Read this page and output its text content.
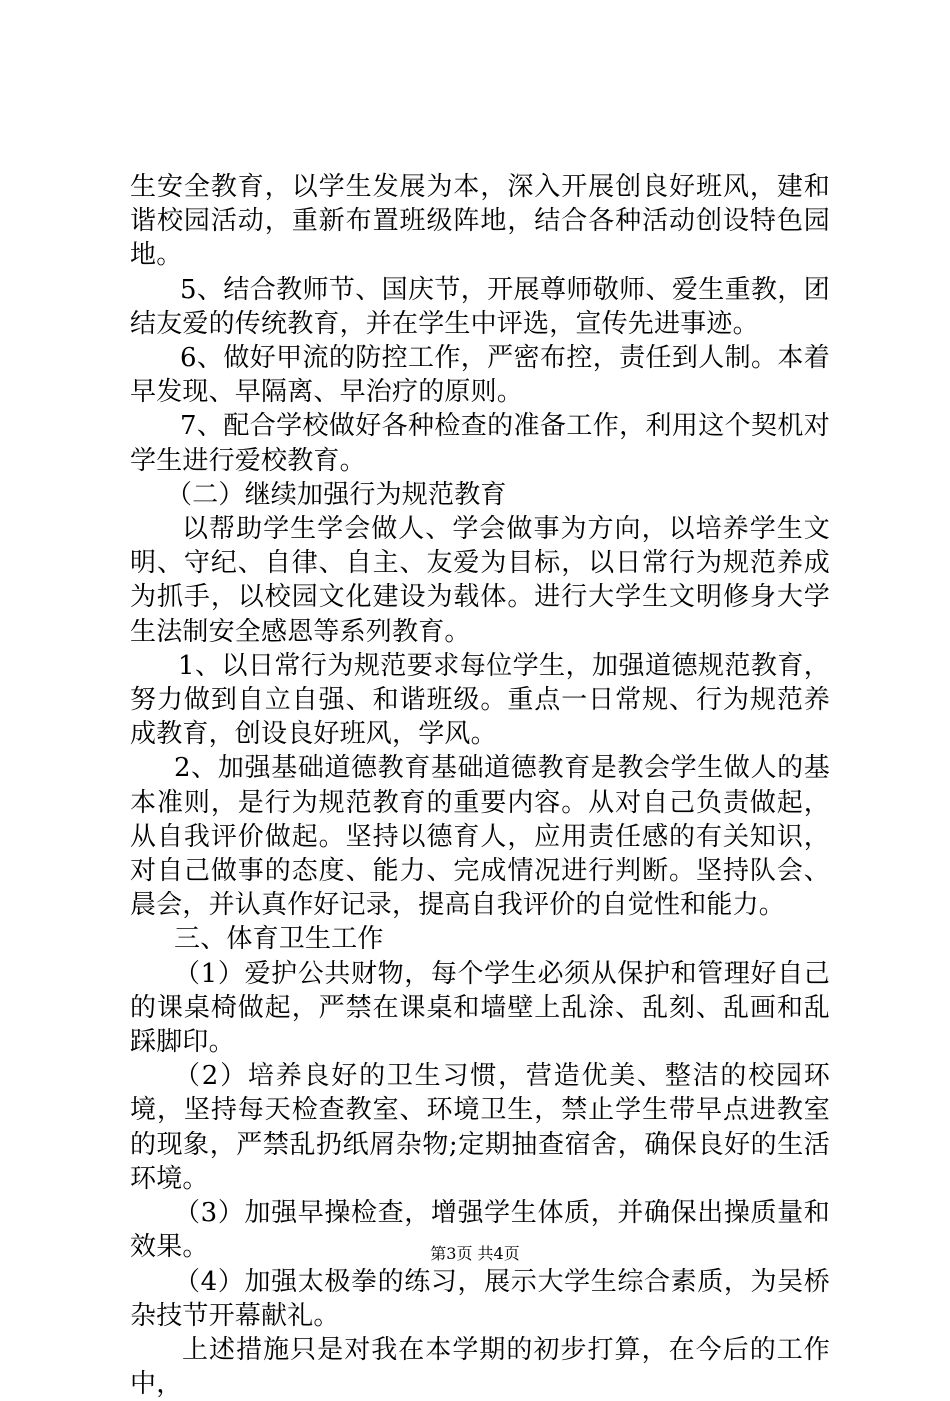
生安全教育，以学生发展为本，深入开展创良好班风，建和谐校园活动，重新布置班级阵地，结合各种活动创设特色园地。

5、结合教师节、国庆节，开展尊师敬师、爱生重教，团结友爱的传统教育，并在学生中评选，宣传先进事迹。

6、做好甲流的防控工作，严密布控，责任到人制。本着早发现、早隔离、早治疗的原则。

7、配合学校做好各种检查的准备工作，利用这个契机对学生进行爱校教育。

（二）继续加强行为规范教育

以帮助学生学会做人、学会做事为方向，以培养学生文明、守纪、自律、自主、友爱为目标，以日常行为规范养成为抓手，以校园文化建设为载体。进行大学生文明修身大学生法制安全感恩等系列教育。

1、以日常行为规范要求每位学生，加强道德规范教育，努力做到自立自强、和谐班级。重点一日常规、行为规范养成教育，创设良好班风，学风。

2、加强基础道德教育基础道德教育是教会学生做人的基本准则，是行为规范教育的重要内容。从对自己负责做起，从自我评价做起。坚持以德育人，应用责任感的有关知识，对自己做事的态度、能力、完成情况进行判断。坚持队会、晨会，并认真作好记录，提高自我评价的自觉性和能力。

三、体育卫生工作

（1）爱护公共财物，每个学生必须从保护和管理好自己的课桌椅做起，严禁在课桌和墙壁上乱涂、乱刻、乱画和乱踩脚印。

（2）培养良好的卫生习惯，营造优美、整洁的校园环境，坚持每天检查教室、环境卫生，禁止学生带早点进教室的现象，严禁乱扔纸屑杂物;定期抽查宿舍，确保良好的生活环境。

（3）加强早操检查，增强学生体质，并确保出操质量和效果。

（4）加强太极拳的练习，展示大学生综合素质，为吴桥杂技节开幕献礼。

上述措施只是对我在本学期的初步打算，在今后的工作中，

第3页 共4页
